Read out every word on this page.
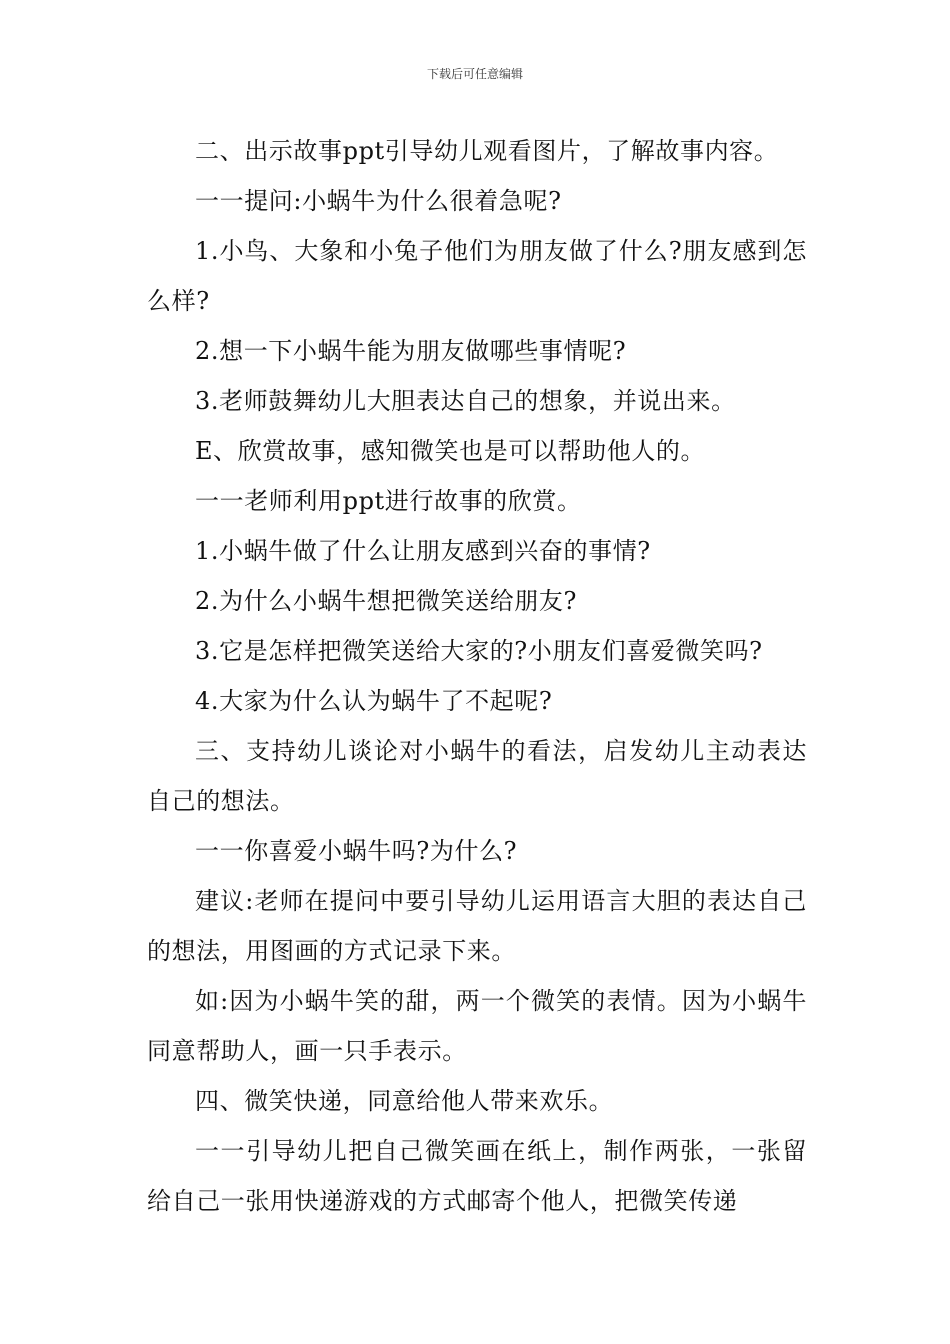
下载后可任意编辑

二、出示故事ppt引导幼儿观看图片，了解故事内容。

一一提问:小蜗牛为什么很着急呢?

1.小鸟、大象和小兔子他们为朋友做了什么?朋友感到怎么样?

2.想一下小蜗牛能为朋友做哪些事情呢?

3.老师鼓舞幼儿大胆表达自己的想象，并说出来。

E、欣赏故事，感知微笑也是可以帮助他人的。

一一老师利用ppt进行故事的欣赏。

1.小蜗牛做了什么让朋友感到兴奋的事情?

2.为什么小蜗牛想把微笑送给朋友?

3.它是怎样把微笑送给大家的?小朋友们喜爱微笑吗?

4.大家为什么认为蜗牛了不起呢?

三、支持幼儿谈论对小蜗牛的看法，启发幼儿主动表达自己的想法。

一一你喜爱小蜗牛吗?为什么?

建议:老师在提问中要引导幼儿运用语言大胆的表达自己的想法，用图画的方式记录下来。

如:因为小蜗牛笑的甜，两一个微笑的表情。因为小蜗牛同意帮助人，画一只手表示。

四、微笑快递，同意给他人带来欢乐。

一一引导幼儿把自己微笑画在纸上，制作两张，一张留给自己一张用快递游戏的方式邮寄个他人，把微笑传递
